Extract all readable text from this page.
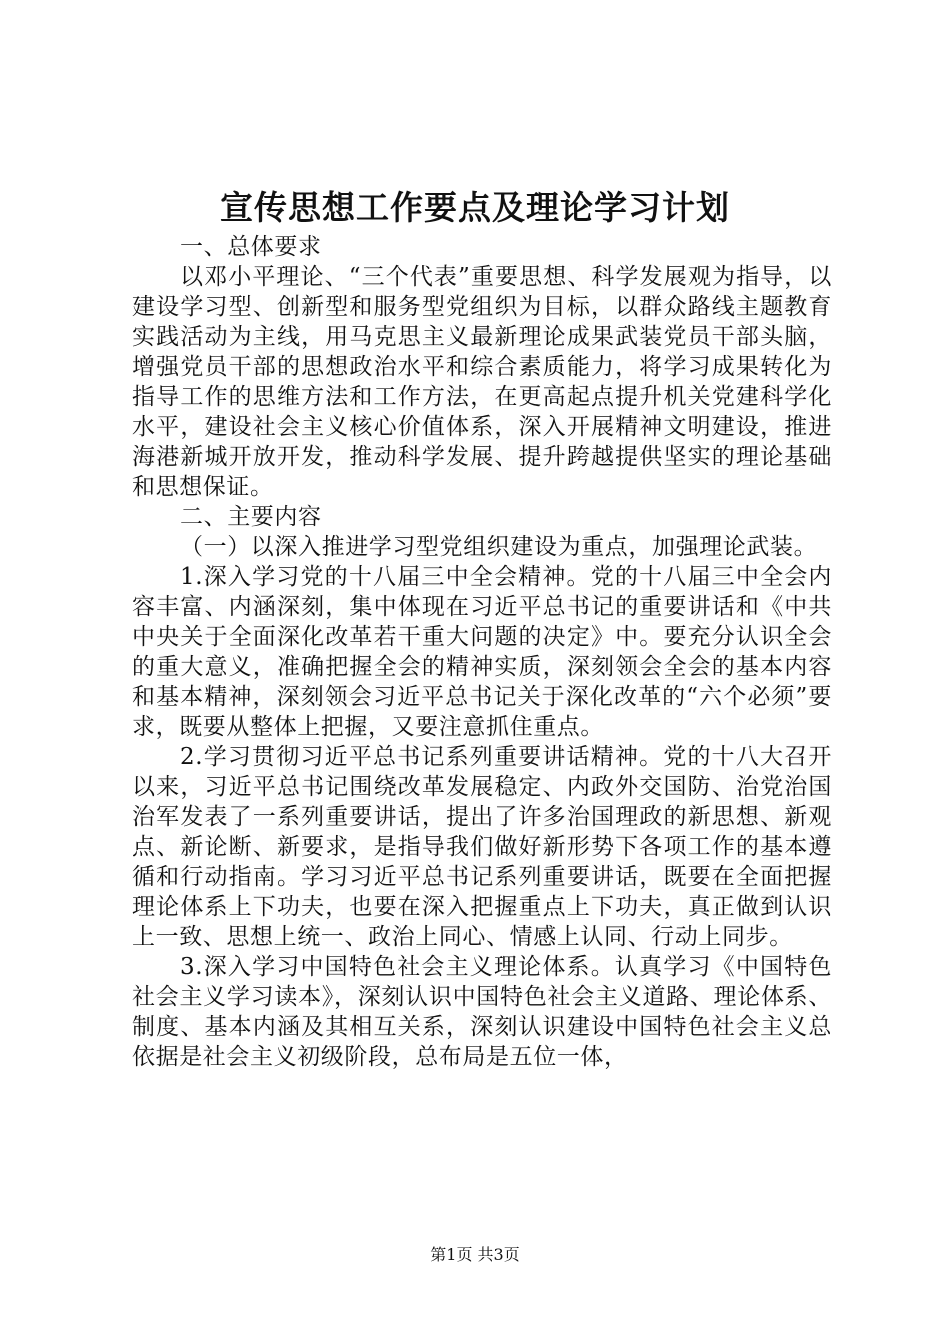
宣传思想工作要点及理论学习计划

一、总体要求

以邓小平理论、“三个代表”重要思想、科学发展观为指导，以建设学习型、创新型和服务型党组织为目标，以群众路线主题教育实践活动为主线，用马克思主义最新理论成果武装党员干部头脑，增强党员干部的思想政治水平和综合素质能力，将学习成果转化为指导工作的思维方法和工作方法，在更高起点提升机关党建科学化水平，建设社会主义核心价值体系，深入开展精神文明建设，推进海港新城开放开发，推动科学发展、提升跨越提供坚实的理论基础和思想保证。

二、主要内容

（一）以深入推进学习型党组织建设为重点，加强理论武装。

1.深入学习党的十八届三中全会精神。党的十八届三中全会内容丰富、内涵深刻，集中体现在习近平总书记的重要讲话和《中共中央关于全面深化改革若干重大问题的决定》中。要充分认识全会的重大意义，准确把握全会的精神实质，深刻领会全会的基本内容和基本精神，深刻领会习近平总书记关于深化改革的“六个必须”要求，既要从整体上把握，又要注意抓住重点。

2.学习贯彻习近平总书记系列重要讲话精神。党的十八大召开以来，习近平总书记围绕改革发展稳定、内政外交国防、治党治国治军发表了一系列重要讲话，提出了许多治国理政的新思想、新观点、新论断、新要求，是指导我们做好新形势下各项工作的基本遵循和行动指南。学习习近平总书记系列重要讲话，既要在全面把握理论体系上下功夫，也要在深入把握重点上下功夫，真正做到认识上一致、思想上统一、政治上同心、情感上认同、行动上同步。

3.深入学习中国特色社会主义理论体系。认真学习《中国特色社会主义学习读本》，深刻认识中国特色社会主义道路、理论体系、制度、基本内涵及其相互关系，深刻认识建设中国特色社会主义总依据是社会主义初级阶段，总布局是五位一体，

第1页 共3页
